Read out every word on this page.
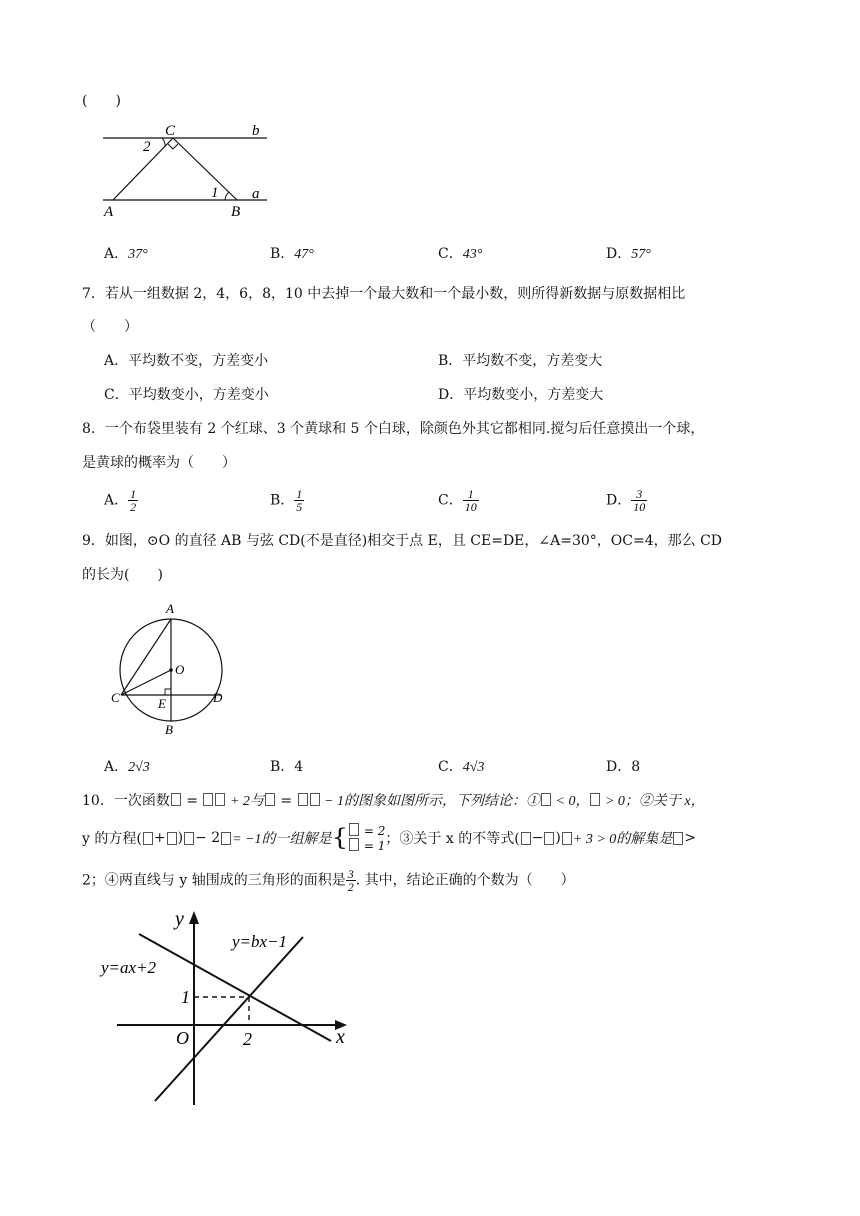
(　　)
C	b
2
1 a
A	B
A．37°	B．47°	C．43°	D．57°
7．若从一组数据 2，4，6，8，10 中去掉一个最大数和一个最小数，则所得新数据与原数据相比
（　　）
A．平均数不变，方差变小	B．平均数不变，方差变大
C．平均数变小，方差变小	D．平均数变小，方差变大
8．一个布袋里装有 2 个红球、3 个黄球和 5 个白球，除颜色外其它都相同.搅匀后任意摸出一个球，
是黄球的概率为（　　）
A． $\frac{1}{2}$	B． $\frac{1}{5}$	C． $\frac{1}{10}$	D． $\frac{3}{10}$
9．如图，⊙O 的直径 AB 与弦 CD(不是直径)相交于点 E，且 CE=DE，∠A=30°，OC=4，那么 CD
的长为(　　)
A
O
C	D
E
B
A．2√3	B．4	C．4√3	D．8
10．一次函数 =  + 2与 =  − 1的图象如图所示，下列结论：① < 0， > 0；②关于 x，
y 的方程( + ) − 2 = −1的一组解是 {	= 2
= 1 ；③关于 x 的不等式( − ) + 3 > 0的解集是 >
2；④两直线与 y 轴围成的三角形的面积是 $\frac{3}{2}$ . 其中，结论正确的个数为（　　）
y
x
O
1
2
y=bx−1
y=ax+2
